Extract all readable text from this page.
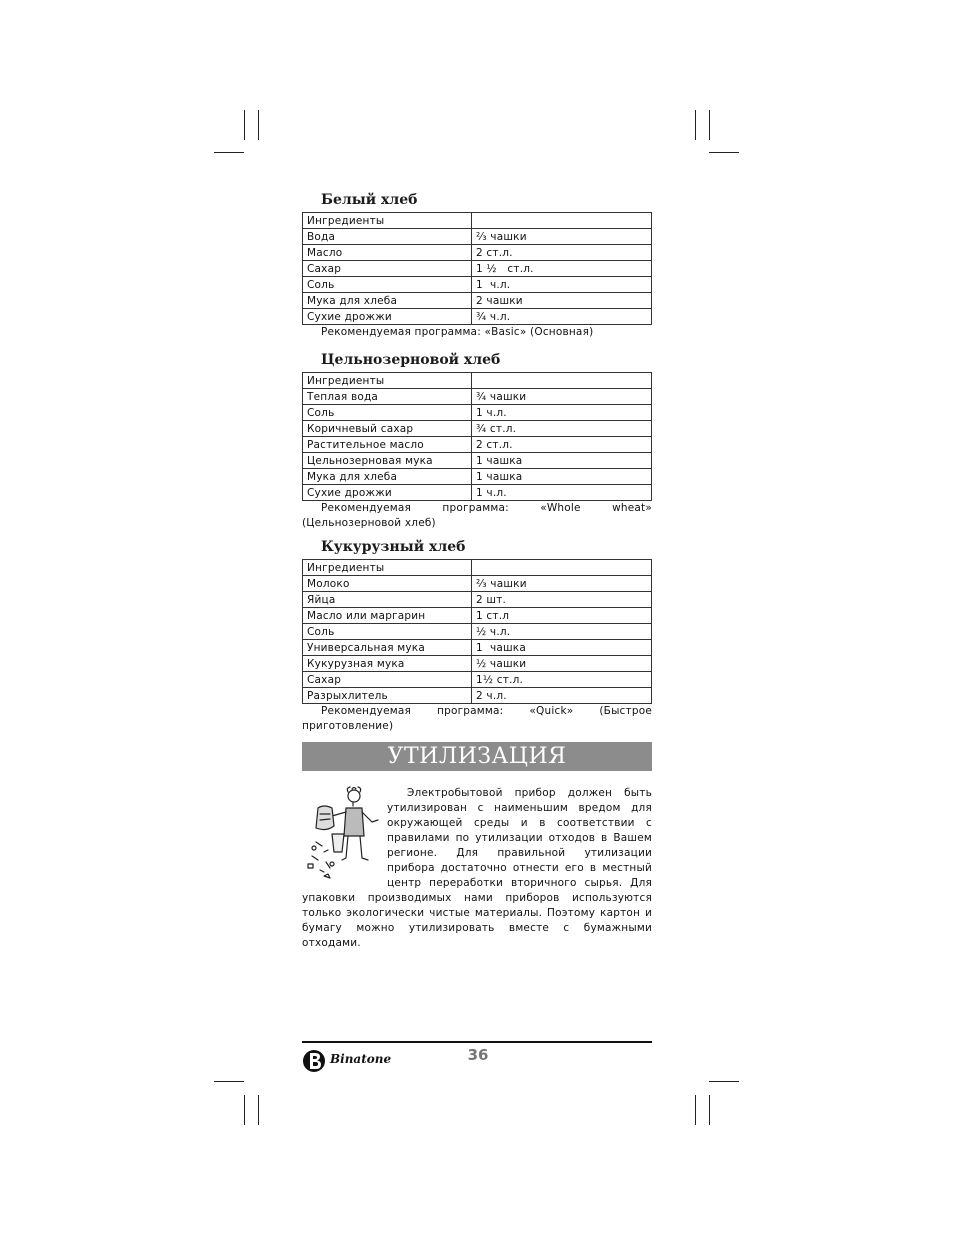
Белый хлеб
Ингредиенты	
Вода	²⁄₃ чашки
Масло	2 ст.л.
Сахар	1 ½   ст.л.
Соль	1  ч.л.
Мука для хлеба	2 чашки
Сухие дрожжи	¾ ч.л.

Рекомендуемая программа: «Basic» (Основная)

Цельнозерновой хлеб
Ингредиенты	
Теплая вода	¾ чашки
Соль	1 ч.л.
Коричневый сахар	¾ ст.л.
Растительное масло	2 ст.л.
Цельнозерновая мука	1 чашка
Мука для хлеба	1 чашка
Сухие дрожжи	1 ч.л.

Рекомендуемая программа: «Whole wheat» (Цельнозерновой хлеб)

Кукурузный хлеб
Ингредиенты	
Молоко	²⁄₃ чашки
Яйца	2 шт.
Масло или маргарин	1 ст.л
Соль	½ ч.л.
Универсальная мука	1  чашка
Кукурузная мука	½ чашки
Сахар	1½ ст.л.
Разрыхлитель	2 ч.л.

Рекомендуемая программа: «Quick» (Быстрое приготовление)

УТИЛИЗАЦИЯ

Электробытовой прибор должен быть утилизирован с наименьшим вредом для окружающей среды и в соответствии с правилами по утилизации отходов в Вашем регионе. Для правильной утилизации прибора достаточно отнести его в местный центр переработки вторичного сырья. Для упаковки производимых нами приборов используются только экологически чистые материалы. Поэтому картон и бумагу можно утилизировать вместе с бумажными отходами.

Binatone	36
